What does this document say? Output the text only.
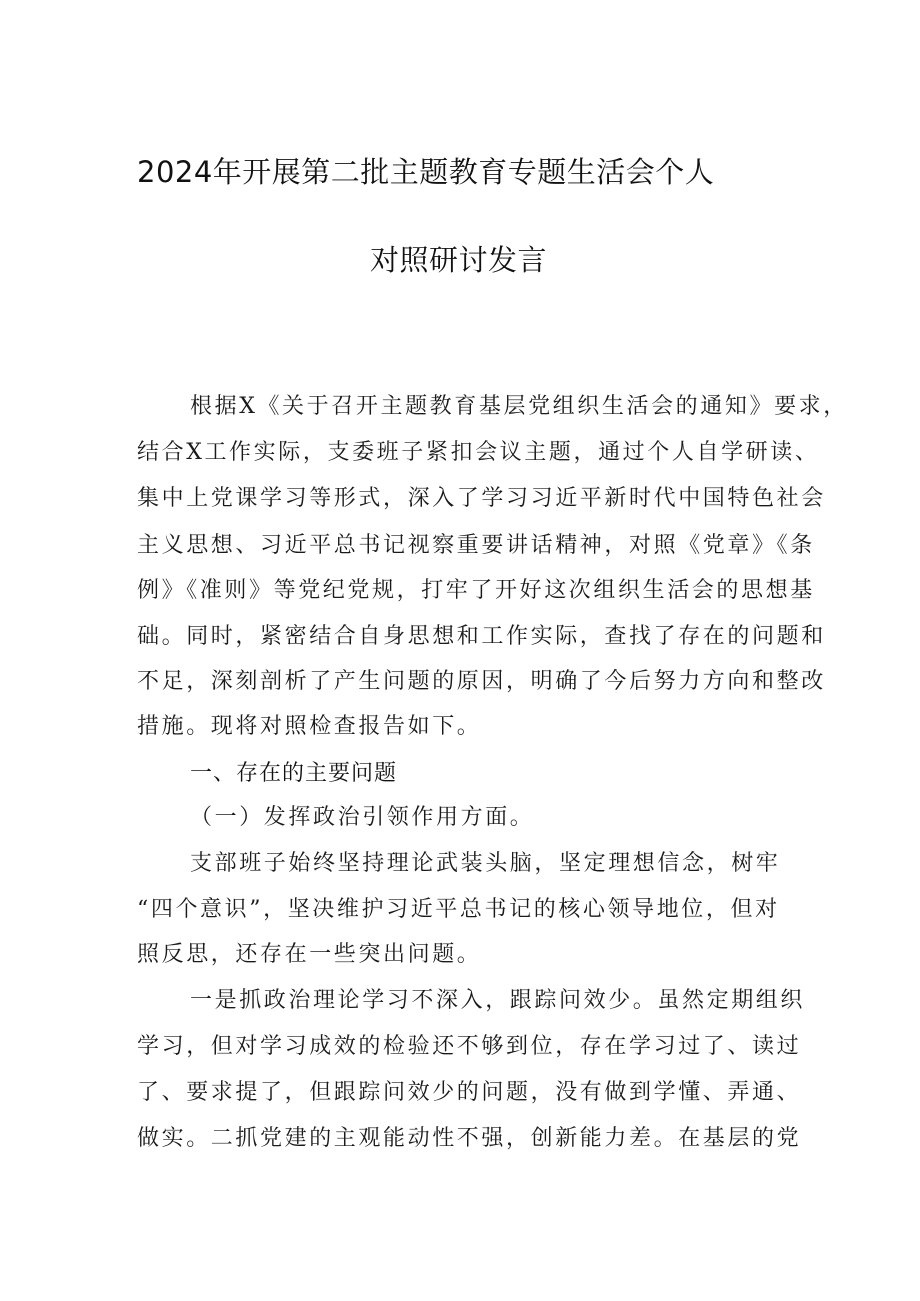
2024年开展第二批主题教育专题生活会个人
对照研讨发言
根据X《关于召开主题教育基层党组织生活会的通知》要求，
结合X工作实际，支委班子紧扣会议主题，通过个人自学研读、
集中上党课学习等形式，深入了学习习近平新时代中国特色社会
主义思想、习近平总书记视察重要讲话精神，对照《党章》《条
例》《准则》等党纪党规，打牢了开好这次组织生活会的思想基
础。同时，紧密结合自身思想和工作实际，查找了存在的问题和
不足，深刻剖析了产生问题的原因，明确了今后努力方向和整改
措施。现将对照检查报告如下。
一、存在的主要问题
（一）发挥政治引领作用方面。
支部班子始终坚持理论武装头脑，坚定理想信念，树牢
“四个意识”，坚决维护习近平总书记的核心领导地位，但对
照反思，还存在一些突出问题。
一是抓政治理论学习不深入，跟踪问效少。虽然定期组织
学习，但对学习成效的检验还不够到位，存在学习过了、读过
了、要求提了，但跟踪问效少的问题，没有做到学懂、弄通、
做实。二抓党建的主观能动性不强，创新能力差。在基层的党
